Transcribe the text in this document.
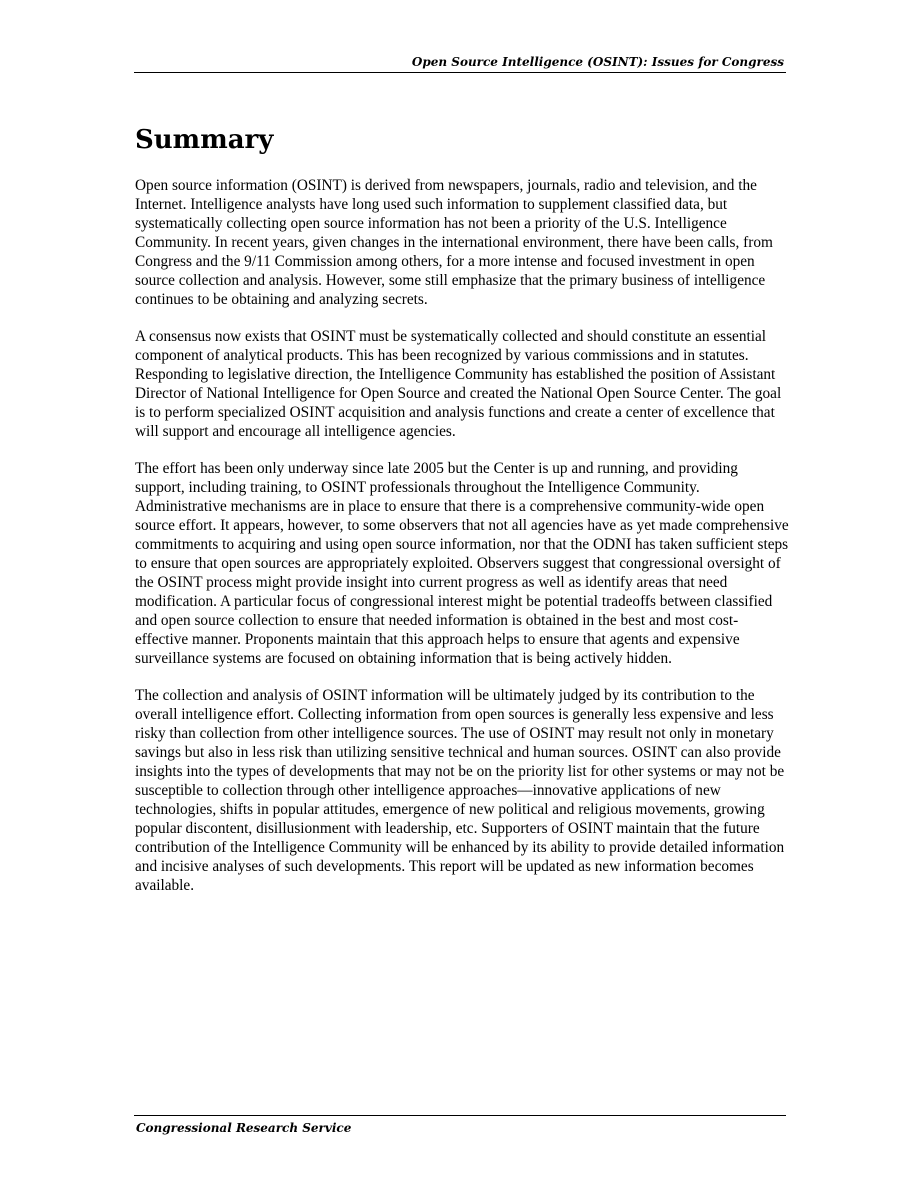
Open Source Intelligence (OSINT): Issues for Congress
Summary

Open source information (OSINT) is derived from newspapers, journals, radio and television, and the Internet. Intelligence analysts have long used such information to supplement classified data, but systematically collecting open source information has not been a priority of the U.S. Intelligence Community. In recent years, given changes in the international environment, there have been calls, from Congress and the 9/11 Commission among others, for a more intense and focused investment in open source collection and analysis. However, some still emphasize that the primary business of intelligence continues to be obtaining and analyzing secrets.

A consensus now exists that OSINT must be systematically collected and should constitute an essential component of analytical products. This has been recognized by various commissions and in statutes. Responding to legislative direction, the Intelligence Community has established the position of Assistant Director of National Intelligence for Open Source and created the National Open Source Center. The goal is to perform specialized OSINT acquisition and analysis functions and create a center of excellence that will support and encourage all intelligence agencies.

The effort has been only underway since late 2005 but the Center is up and running, and providing support, including training, to OSINT professionals throughout the Intelligence Community. Administrative mechanisms are in place to ensure that there is a comprehensive community-wide open source effort. It appears, however, to some observers that not all agencies have as yet made comprehensive commitments to acquiring and using open source information, nor that the ODNI has taken sufficient steps to ensure that open sources are appropriately exploited. Observers suggest that congressional oversight of the OSINT process might provide insight into current progress as well as identify areas that need modification. A particular focus of congressional interest might be potential tradeoffs between classified and open source collection to ensure that needed information is obtained in the best and most cost-effective manner. Proponents maintain that this approach helps to ensure that agents and expensive surveillance systems are focused on obtaining information that is being actively hidden.

The collection and analysis of OSINT information will be ultimately judged by its contribution to the overall intelligence effort. Collecting information from open sources is generally less expensive and less risky than collection from other intelligence sources. The use of OSINT may result not only in monetary savings but also in less risk than utilizing sensitive technical and human sources. OSINT can also provide insights into the types of developments that may not be on the priority list for other systems or may not be susceptible to collection through other intelligence approaches—innovative applications of new technologies, shifts in popular attitudes, emergence of new political and religious movements, growing popular discontent, disillusionment with leadership, etc. Supporters of OSINT maintain that the future contribution of the Intelligence Community will be enhanced by its ability to provide detailed information and incisive analyses of such developments. This report will be updated as new information becomes available.

Congressional Research Service
